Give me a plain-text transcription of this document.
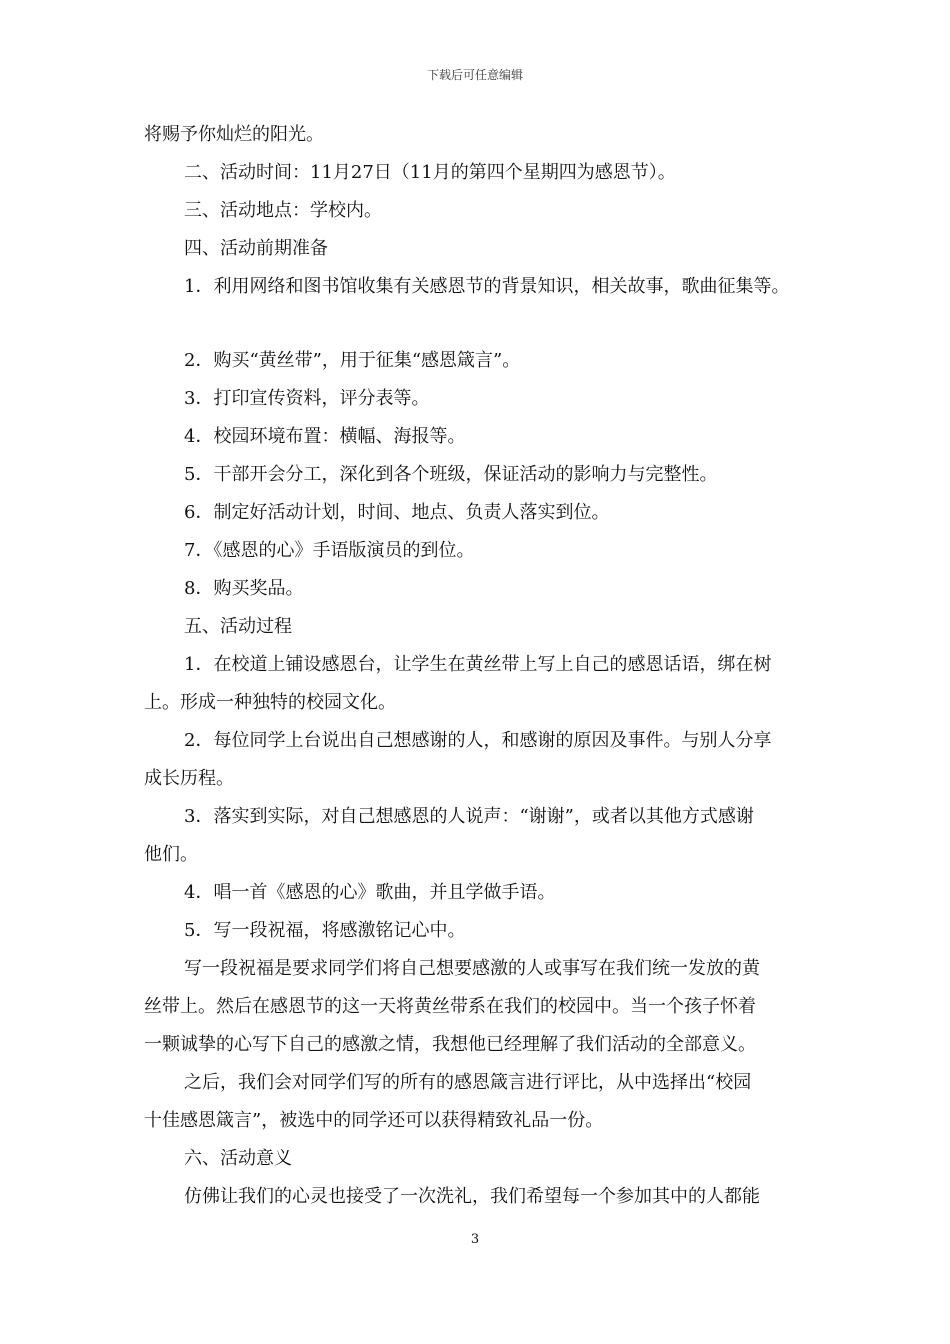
下载后可任意编辑
将赐予你灿烂的阳光。
二、活动时间：11月27日（11月的第四个星期四为感恩节）。
三、活动地点：学校内。
四、活动前期准备
1．利用网络和图书馆收集有关感恩节的背景知识，相关故事，歌曲征集等。
2．购买“黄丝带”，用于征集“感恩箴言”。
3．打印宣传资料，评分表等。
4．校园环境布置：横幅、海报等。
5．干部开会分工，深化到各个班级，保证活动的影响力与完整性。
6．制定好活动计划，时间、地点、负责人落实到位。
7．《感恩的心》手语版演员的到位。
8．购买奖品。
五、活动过程
1．在校道上铺设感恩台，让学生在黄丝带上写上自己的感恩话语，绑在树
上。形成一种独特的校园文化。
2．每位同学上台说出自己想感谢的人，和感谢的原因及事件。与别人分享
成长历程。
3．落实到实际，对自己想感恩的人说声：“谢谢”，或者以其他方式感谢
他们。
4．唱一首《感恩的心》歌曲，并且学做手语。
5．写一段祝福，将感激铭记心中。
写一段祝福是要求同学们将自己想要感激的人或事写在我们统一发放的黄
丝带上。然后在感恩节的这一天将黄丝带系在我们的校园中。当一个孩子怀着
一颗诚挚的心写下自己的感激之情，我想他已经理解了我们活动的全部意义。
之后，我们会对同学们写的所有的感恩箴言进行评比，从中选择出“校园
十佳感恩箴言”，被选中的同学还可以获得精致礼品一份。
六、活动意义
仿佛让我们的心灵也接受了一次洗礼，我们希望每一个参加其中的人都能
3
